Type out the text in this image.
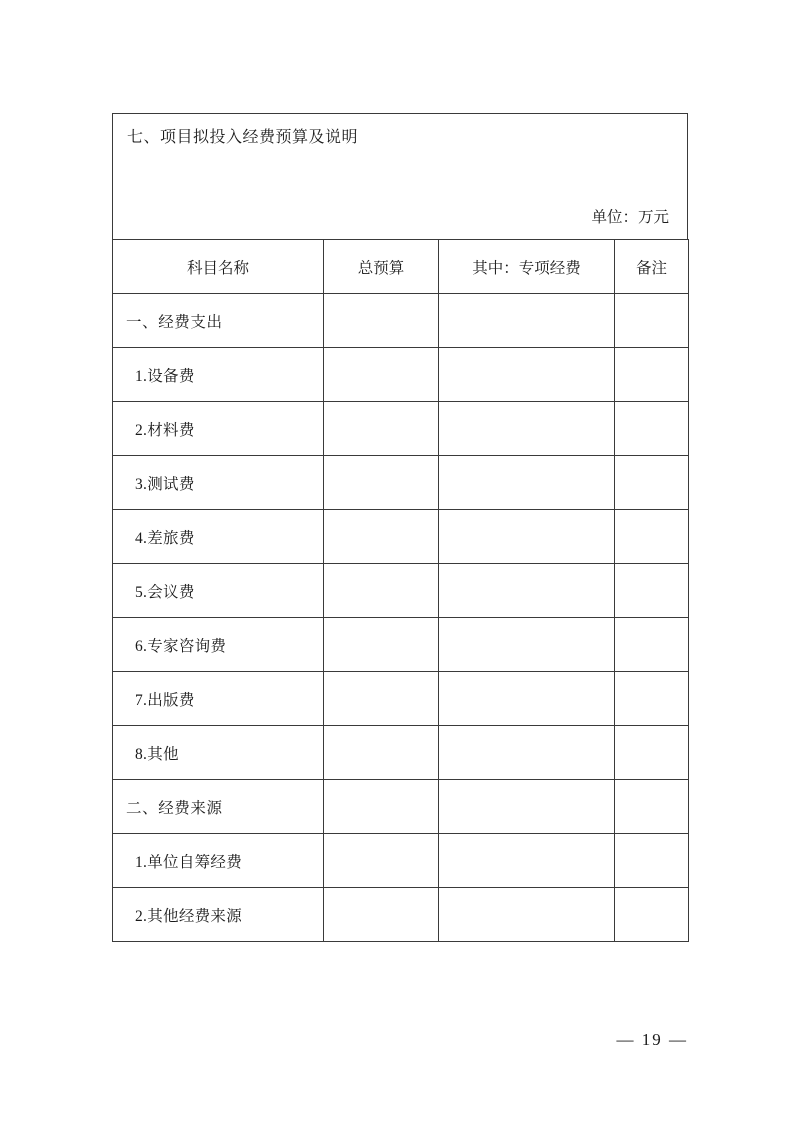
七、项目拟投入经费预算及说明
单位：万元
科目名称	总预算	其中：专项经费	备注
一、经费支出			
1.设备费			
2.材料费			
3.测试费			
4.差旅费			
5.会议费			
6.专家咨询费			
7.出版费			
8.其他			
二、经费来源			
1.单位自筹经费			
2.其他经费来源			
— 19 —
